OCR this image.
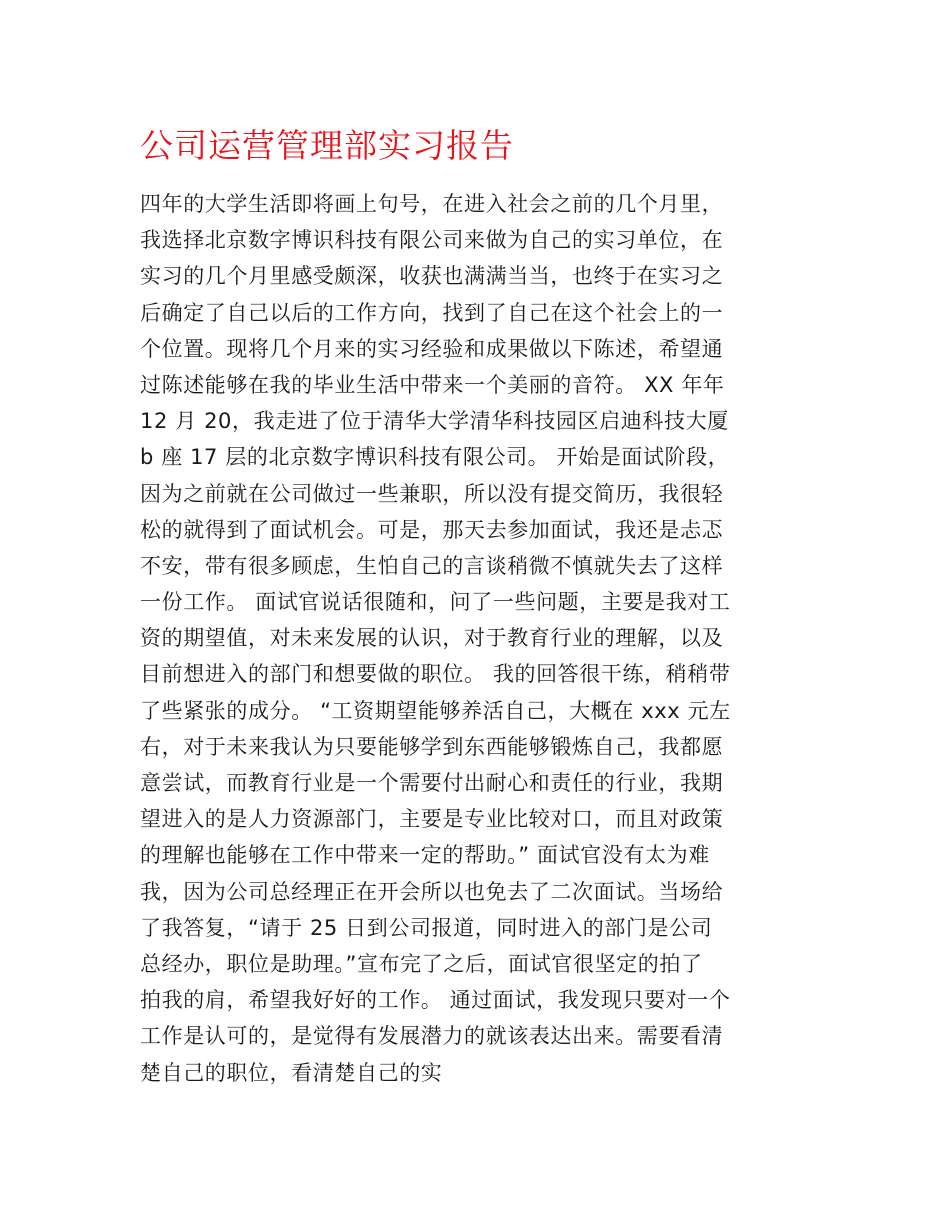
公司运营管理部实习报告
四年的大学生活即将画上句号，在进入社会之前的几个月里，
我选择北京数字博识科技有限公司来做为自己的实习单位，在
实习的几个月里感受颇深，收获也满满当当，也终于在实习之
后确定了自己以后的工作方向，找到了自己在这个社会上的一
个位置。现将几个月来的实习经验和成果做以下陈述，希望通
过陈述能够在我的毕业生活中带来一个美丽的音符。 XX 年年
12 月 20，我走进了位于清华大学清华科技园区启迪科技大厦
b 座 17 层的北京数字博识科技有限公司。 开始是面试阶段，
因为之前就在公司做过一些兼职，所以没有提交简历，我很轻
松的就得到了面试机会。可是，那天去参加面试，我还是忐忑
不安，带有很多顾虑，生怕自己的言谈稍微不慎就失去了这样
一份工作。 面试官说话很随和，问了一些问题，主要是我对工
资的期望值，对未来发展的认识，对于教育行业的理解，以及
目前想进入的部门和想要做的职位。 我的回答很干练，稍稍带
了些紧张的成分。 “工资期望能够养活自己，大概在 xxx 元左
右，对于未来我认为只要能够学到东西能够锻炼自己，我都愿
意尝试，而教育行业是一个需要付出耐心和责任的行业，我期
望进入的是人力资源部门，主要是专业比较对口，而且对政策
的理解也能够在工作中带来一定的帮助。” 面试官没有太为难
我，因为公司总经理正在开会所以也免去了二次面试。当场给
了我答复，“请于 25 日到公司报道，同时进入的部门是公司
总经办，职位是助理。”宣布完了之后，面试官很坚定的拍了
拍我的肩，希望我好好的工作。 通过面试，我发现只要对一个
工作是认可的，是觉得有发展潜力的就该表达出来。需要看清
楚自己的职位，看清楚自己的实
